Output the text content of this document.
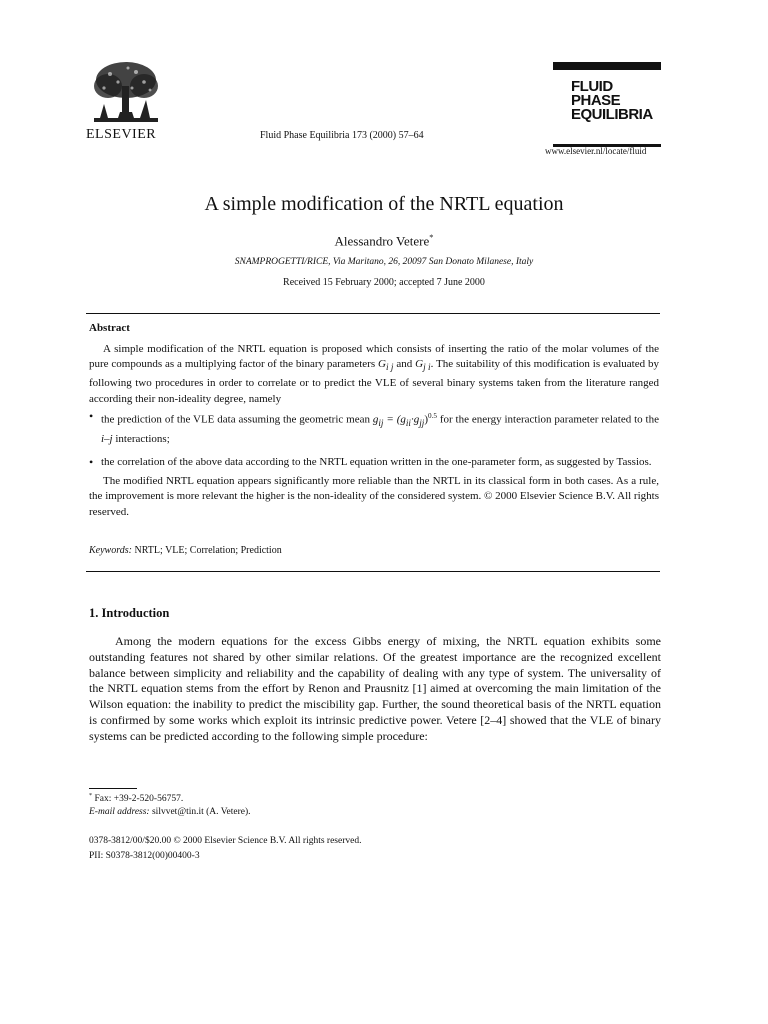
ELSEVIER	Fluid Phase Equilibria 173 (2000) 57–64
FLUID PHASE
EQUILIBRIA
www.elsevier.nl/locate/fluid
A simple modification of the NRTL equation
Alessandro Vetere*
SNAMPROGETTI/RICE, Via Maritano, 26, 20097 San Donato Milanese, Italy
Received 15 February 2000; accepted 7 June 2000
Abstract
A simple modification of the NRTL equation is proposed which consists of inserting the ratio of the molar volumes of the pure compounds as a multiplying factor of the binary parameters $G_{i j}$ and $G_{j i}$. The suitability of this modification is evaluated by following two procedures in order to correlate or to predict the VLE of several binary systems taken from the literature ranged according their non-ideality degree, namely
• the prediction of the VLE data assuming the geometric mean $g_{ij} = (g_{ii}\cdot g_{jj})^{0.5}$ for the energy interaction parameter related to the i–j interactions;
• the correlation of the above data according to the NRTL equation written in the one-parameter form, as suggested by Tassios.
The modified NRTL equation appears significantly more reliable than the NRTL in its classical form in both cases. As a rule, the improvement is more relevant the higher is the non-ideality of the considered system. © 2000 Elsevier Science B.V. All rights reserved.
Keywords: NRTL; VLE; Correlation; Prediction
1. Introduction
Among the modern equations for the excess Gibbs energy of mixing, the NRTL equation exhibits some outstanding features not shared by other similar relations. Of the greatest importance are the recognized excellent balance between simplicity and reliability and the capability of dealing with any type of system. The universality of the NRTL equation stems from the effort by Renon and Prausnitz [1] aimed at overcoming the main limitation of the Wilson equation: the inability to predict the miscibility gap. Further, the sound theoretical basis of the NRTL equation is confirmed by some works which exploit its intrinsic predictive power. Vetere [2–4] showed that the VLE of binary systems can be predicted according to the following simple procedure:
* Fax: +39-2-520-56757.
E-mail address: silvvet@tin.it (A. Vetere).
0378-3812/00/$20.00 © 2000 Elsevier Science B.V. All rights reserved.
PII: S0378-3812(00)00400-3
